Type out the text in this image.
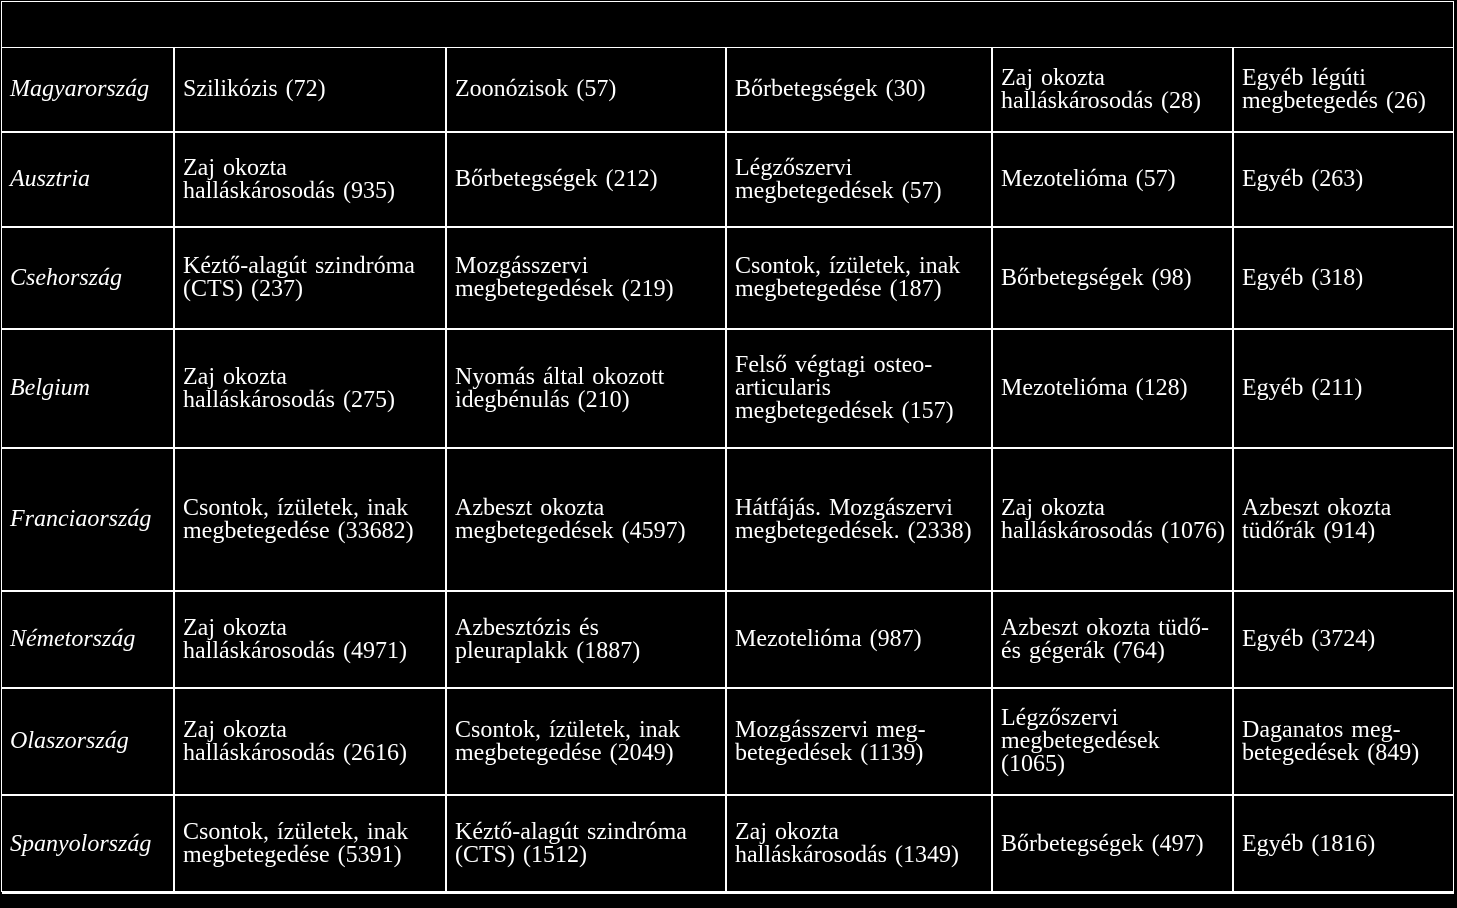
Magyarország	Szilikózis (72)	Zoonózisok (57)	Bőrbetegségek (30)	Zaj okozta halláskárosodás (28)	Egyéb légúti megbetegedés (26)
Ausztria	Zaj okozta halláskárosodás (935)	Bőrbetegségek (212)	Légzőszervi megbetegedések (57)	Mezotelióma (57)	Egyéb (263)
Csehország	Kéztő-alagút szindróma (CTS) (237)	Mozgásszervi megbetegedések (219)	Csontok, ízületek, inak megbetegedése (187)	Bőrbetegségek (98)	Egyéb (318)
Belgium	Zaj okozta halláskárosodás (275)	Nyomás által okozott idegbénulás (210)	Felső végtagi osteo-articularis megbetegedések (157)	Mezotelióma (128)	Egyéb (211)
Franciaország	Csontok, ízületek, inak megbetegedése (33682)	Azbeszt okozta megbetegedések (4597)	Hátfájás. Mozgászervi megbetegedések. (2338)	Zaj okozta halláskárosodás (1076)	Azbeszt okozta tüdőrák (914)
Németország	Zaj okozta halláskárosodás (4971)	Azbesztózis és pleuraplakk (1887)	Mezotelióma (987)	Azbeszt okozta tüdő- és gégerák (764)	Egyéb (3724)
Olaszország	Zaj okozta halláskárosodás (2616)	Csontok, ízületek, inak megbetegedése (2049)	Mozgásszervi meg-betegedések (1139)	Légzőszervi megbetegedések (1065)	Daganatos meg-betegedések (849)
Spanyolország	Csontok, ízületek, inak megbetegedése (5391)	Kéztő-alagút szindróma (CTS) (1512)	Zaj okozta halláskárosodás (1349)	Bőrbetegségek (497)	Egyéb (1816)
